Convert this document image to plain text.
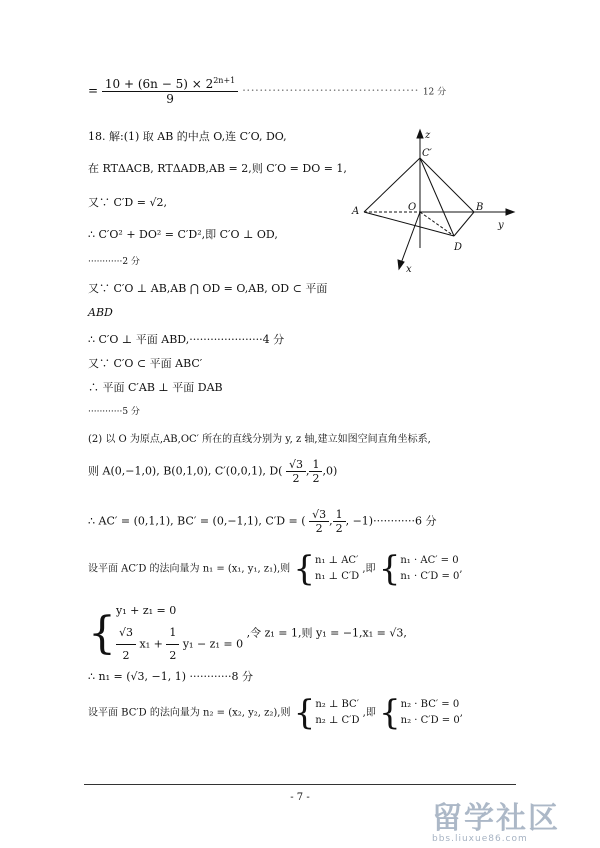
= $\frac{10 + (6n - 5) \times 2^{2n+1}}{9}$ ········································· 12 分
18. 解:(1) 取 AB 的中点 O,连 C′O, DO,
在 RTΔACB, RTΔADB,AB = 2,则 C′O = DO = 1,
又∵ C′D = √2,
∴ C′O² + DO² = C′D²,即 C′O ⊥ OD,
············2 分
又∵ C′O ⊥ AB,AB ⋂ OD = O,AB, OD ⊂ 平面
ABD
∴ C′O ⊥ 平面 ABD,·····················4 分
又∵ C′O ⊂ 平面 ABC′
∴ 平面 C′AB ⊥ 平面 DAB
············5 分
(2) 以 O 为原点,AB,OC′ 所在的直线分别为 y, z 轴,建立如图空间直角坐标系,
则 A(0,−1,0), B(0,1,0), C′(0,0,1), $D( \frac{√3}{2}$ , $\frac{1}{2} ,0$)
∴ AC′ = (0,1,1), BC′ = (0,−1,1), C′D = ( $\frac{√3}{2}$ , $\frac{1}{2}$ , −1)············6 分
设平面 AC′D 的法向量为 n₁ = (x₁, y₁, z₁),则 {n₁ ⊥ AC′
n₁ ⊥ C′D ,即 {n₁ · AC′ = 0
n₁ · C′D = 0,
{y₁ + z₁ = 0

$\frac{√3}{2} x_1 + \frac{1}{2} y_1 - z_1 = 0$ ,令 z₁ = 1,则 y₁ = −1,x₁ = √3,
∴ n₁ = (√3, −1, 1) ············8 分
设平面 BC′D 的法向量为 n₂ = (x₂, y₂, z₂),则 {n₂ ⊥ BC′
n₂ ⊥ C′D ,即 {n₂ · BC′ = 0
n₂ · C′D = 0,
z
C′
A	O	B
y
D
x
- 7 -
留学社区
bbs.liuxue86.com
